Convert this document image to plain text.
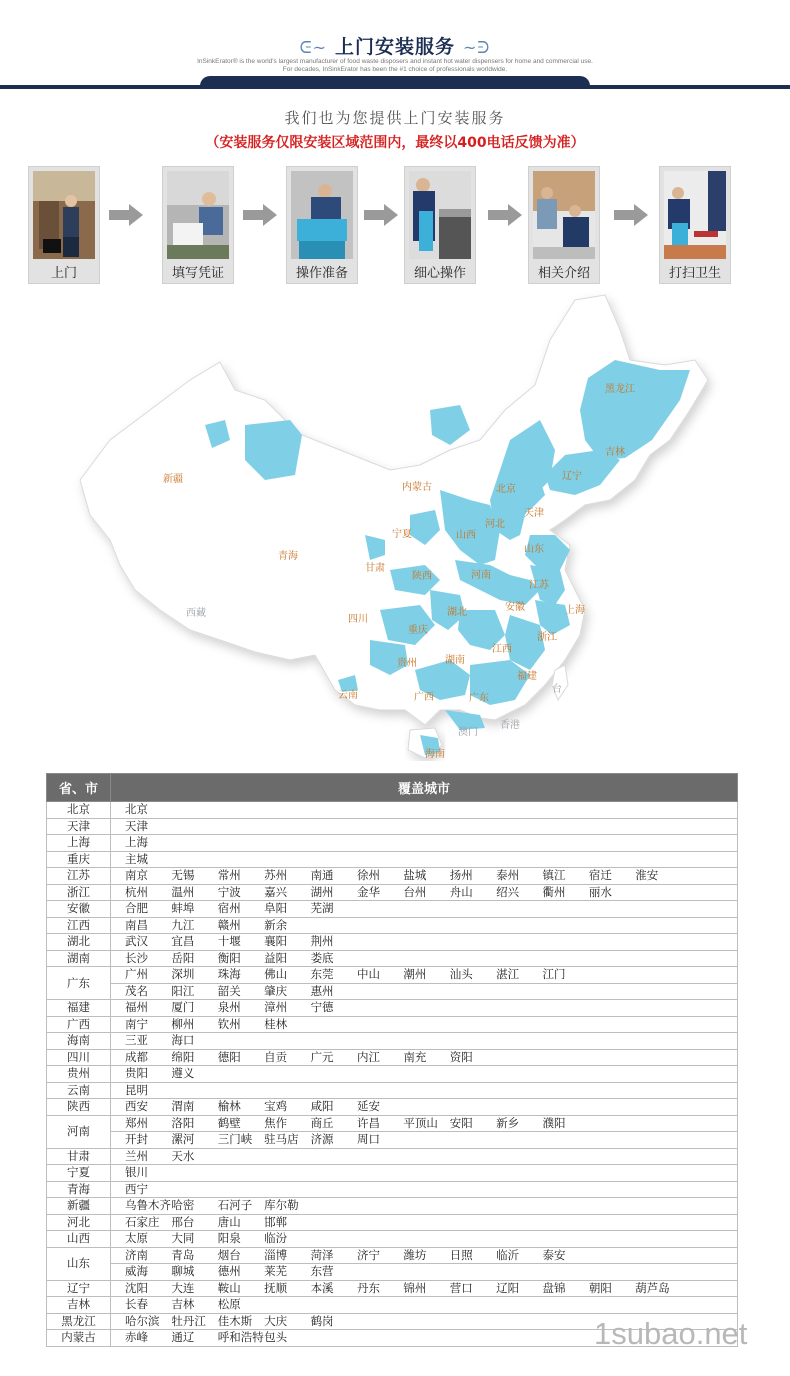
ᕮ~ 上门安装服务 ~ᕭ
InSinkErator® is the world's largest manufacturer of food waste disposers and instant hot water dispensers for home and commercial use.
For decades, InSinkErator has been the #1 choice of professionals worldwide.
我们也为您提供上门安装服务
（安装服务仅限安装区域范围内，最终以400电话反馈为准）
上门	填写凭证	操作准备	细心操作	相关介绍	打扫卫生
黑龙江
吉林
辽宁
内蒙古	北京
天津
河北
新疆
宁夏	山西
山东
青海
甘肃
陕西	河南
江苏
西藏
安徽	上海
四川
湖北
重庆
浙江
贵州	湖南
江西
福建
云南	广西	广东
台
澳门
香港
海南
省、市	覆盖城市
北京	北京
天津	天津
上海	上海
重庆	主城
江苏	南京 无锡 常州 苏州 南通 徐州 盐城 扬州 泰州 镇江 宿迁 淮安
浙江	杭州 温州 宁波 嘉兴 湖州 金华 台州 舟山 绍兴 衢州 丽水
安徽	合肥 蚌埠 宿州 阜阳 芜湖
江西	南昌 九江 赣州 新余
湖北	武汉 宜昌 十堰 襄阳 荆州
湖南	长沙 岳阳 衡阳 益阳 娄底
广东	广州 深圳 珠海 佛山 东莞 中山 潮州 汕头 湛江 江门
	茂名 阳江 韶关 肇庆 惠州
福建	福州 厦门 泉州 漳州 宁德
广西	南宁 柳州 钦州 桂林
海南	三亚 海口
四川	成都 绵阳 德阳 自贡 广元 内江 南充 资阳
贵州	贵阳 遵义
云南	昆明
陕西	西安 渭南 榆林 宝鸡 咸阳 延安
河南	郑州 洛阳 鹤壁 焦作 商丘 许昌 平顶山 安阳 新乡 濮阳
	开封 漯河 三门峡 驻马店 济源 周口
甘肃	兰州 天水
宁夏	银川
青海	西宁
新疆	乌鲁木齐哈密 石河子 库尔勒
河北	石家庄 邢台 唐山 邯郸
山西	太原 大同 阳泉 临汾
山东	济南 青岛 烟台 淄博 菏泽 济宁 潍坊 日照 临沂 泰安
	威海 聊城 德州 莱芜 东营
辽宁	沈阳 大连 鞍山 抚顺 本溪 丹东 锦州 营口 辽阳 盘锦 朝阳 葫芦岛
吉林	长春 吉林 松原
黑龙江	哈尔滨 牡丹江 佳木斯 大庆 鹤岗
内蒙古	赤峰 通辽 呼和浩特包头	1subao.net
